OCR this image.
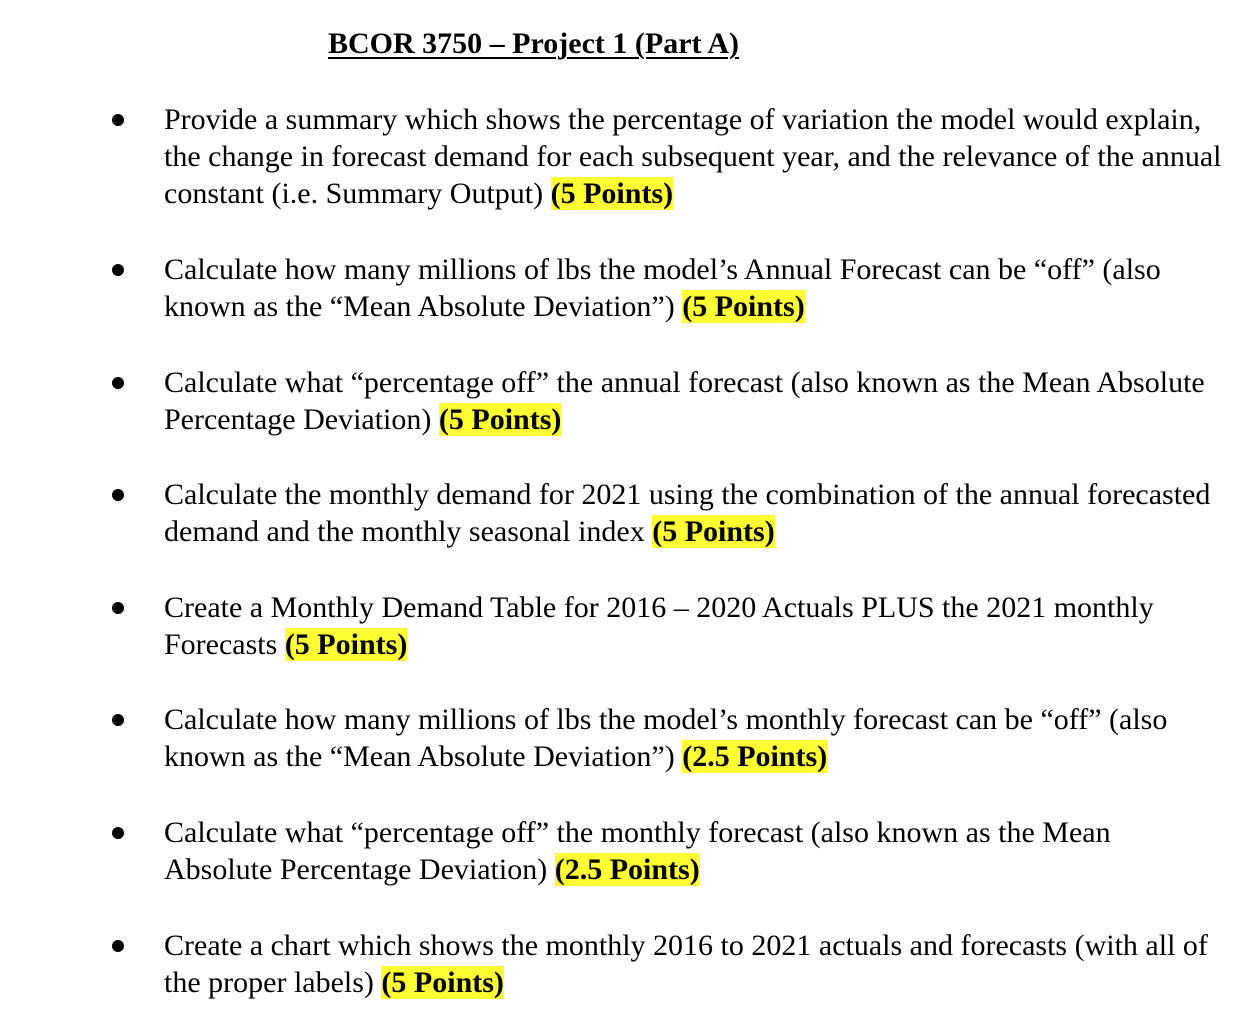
BCOR 3750 – Project 1 (Part A)
Provide a summary which shows the percentage of variation the model would explain, the change in forecast demand for each subsequent year, and the relevance of the annual constant (i.e. Summary Output) (5 Points)
Calculate how many millions of lbs the model’s Annual Forecast can be “off” (also known as the “Mean Absolute Deviation”) (5 Points)
Calculate what “percentage off” the annual forecast (also known as the Mean Absolute Percentage Deviation) (5 Points)
Calculate the monthly demand for 2021 using the combination of the annual forecasted demand and the monthly seasonal index (5 Points)
Create a Monthly Demand Table for 2016 – 2020 Actuals PLUS the 2021 monthly Forecasts (5 Points)
Calculate how many millions of lbs the model’s monthly forecast can be “off” (also known as the “Mean Absolute Deviation”) (2.5 Points)
Calculate what “percentage off” the monthly forecast (also known as the Mean Absolute Percentage Deviation) (2.5 Points)
Create a chart which shows the monthly 2016 to 2021 actuals and forecasts (with all of the proper labels) (5 Points)
